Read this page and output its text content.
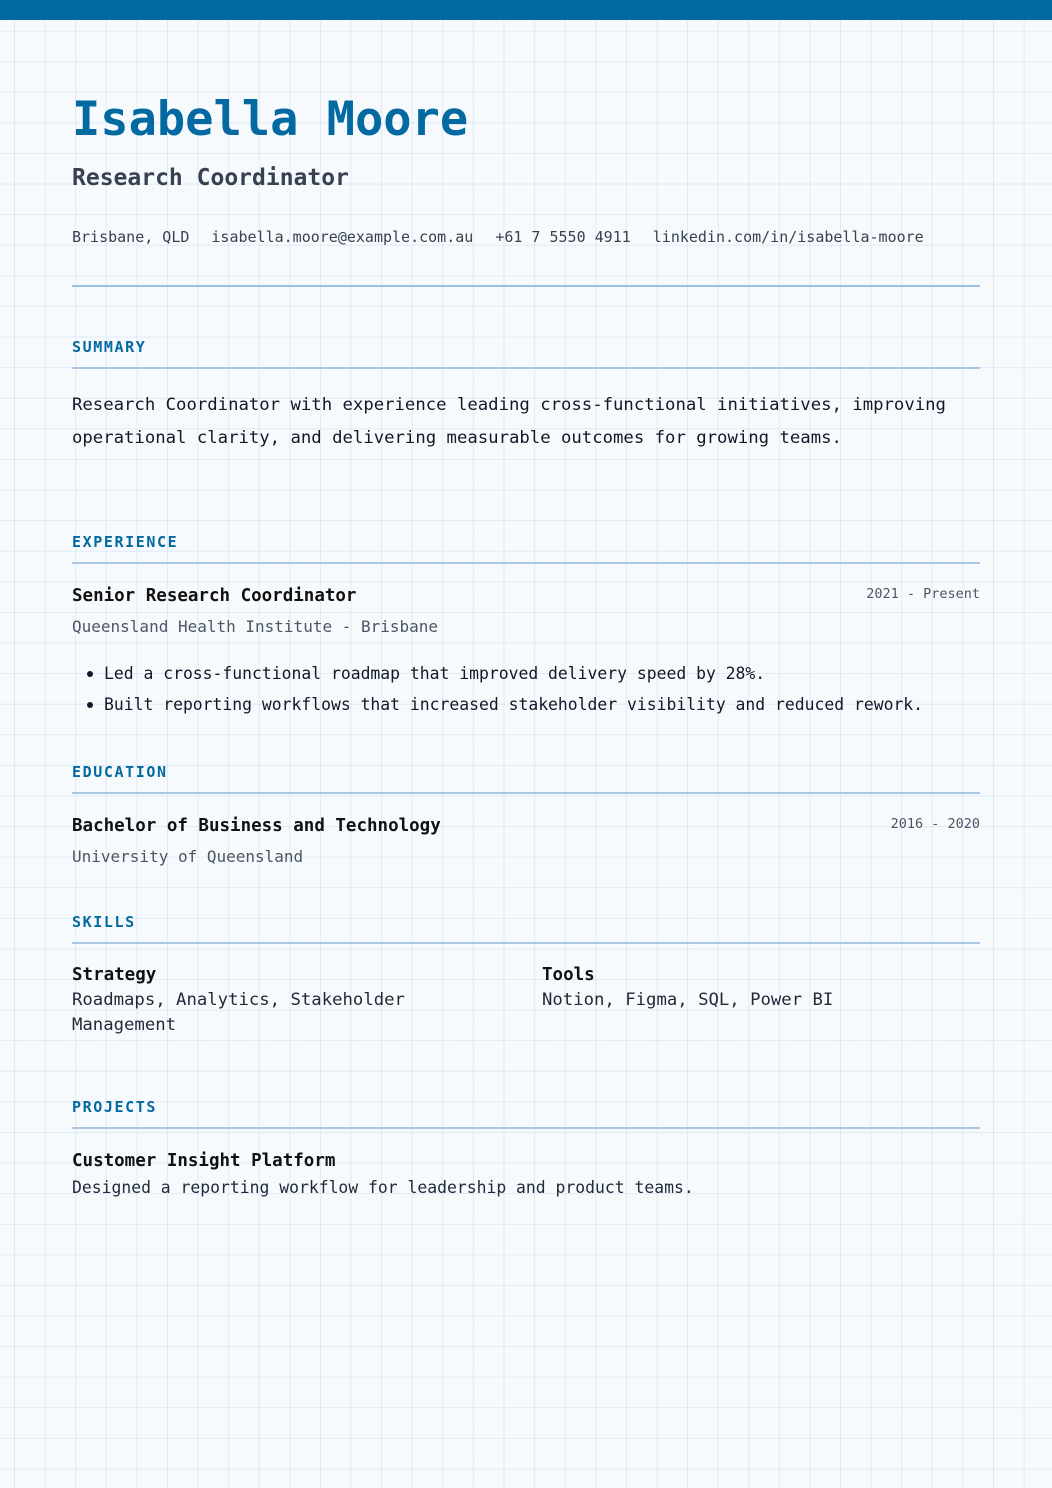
Isabella Moore
Research Coordinator
Brisbane, QLD isabella.moore@example.com.au +61 7 5550 4911 linkedin.com/in/isabella-moore
SUMMARY

Research Coordinator with experience leading cross-functional initiatives, improving operational clarity, and delivering measurable outcomes for growing teams.

EXPERIENCE
Senior Research Coordinator	2021 - Present
Queensland Health Institute - Brisbane
Led a cross-functional roadmap that improved delivery speed by 28%.
Built reporting workflows that increased stakeholder visibility and reduced rework.
EDUCATION
Bachelor of Business and Technology	2016 - 2020
University of Queensland
SKILLS
Strategy
Roadmaps, Analytics, Stakeholder Management
Tools
Notion, Figma, SQL, Power BI
PROJECTS
Customer Insight Platform
Designed a reporting workflow for leadership and product teams.
